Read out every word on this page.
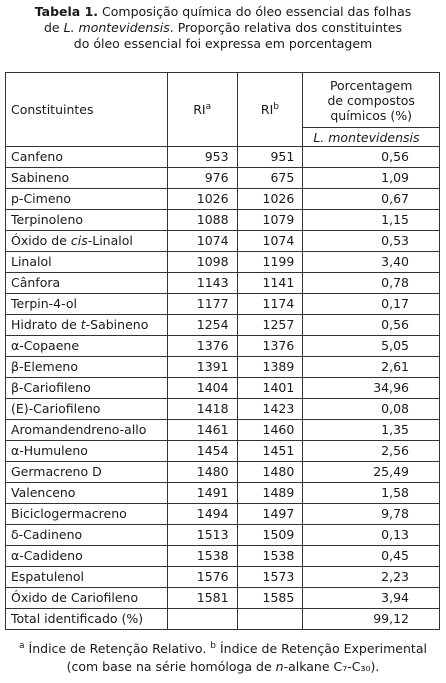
Tabela 1. Composição química do óleo essencial das folhas
de L. montevidensis. Proporção relativa dos constituintes
do óleo essencial foi expressa em porcentagem
Constituintes	$RI^a$	$RI^b$	Porcentagem
de compostos
químicos (%)

			L. montevidensis
Canfeno	953	951	0,56
Sabineno	976	675	1,09
p-Cimeno	1026	1026	0,67
Terpinoleno	1088	1079	1,15
Óxido de cis-Linalol	1074	1074	0,53
Linalol	1098	1199	3,40
Cânfora	1143	1141	0,78
Terpin-4-ol	1177	1174	0,17
Hidrato de t-Sabineno	1254	1257	0,56
α-Copaene	1376	1376	5,05
β-Elemeno	1391	1389	2,61
β-Cariofileno	1404	1401	34,96
(E)-Cariofileno	1418	1423	0,08
Aromandendreno-allo	1461	1460	1,35
α-Humuleno	1454	1451	2,56
Germacreno D	1480	1480	25,49
Valenceno	1491	1489	1,58
Biciclogermacreno	1494	1497	9,78
δ-Cadineno	1513	1509	0,13
α-Cadideno	1538	1538	0,45
Espatulenol	1576	1573	2,23
Óxido de Cariofileno	1581	1585	3,94
Total identificado (%)			99,12
$^a$ Índice de Retenção Relativo. $^b$ Índice de Retenção Experimental
(com base na série homóloga de n-alkane C₇-C₃₀).
